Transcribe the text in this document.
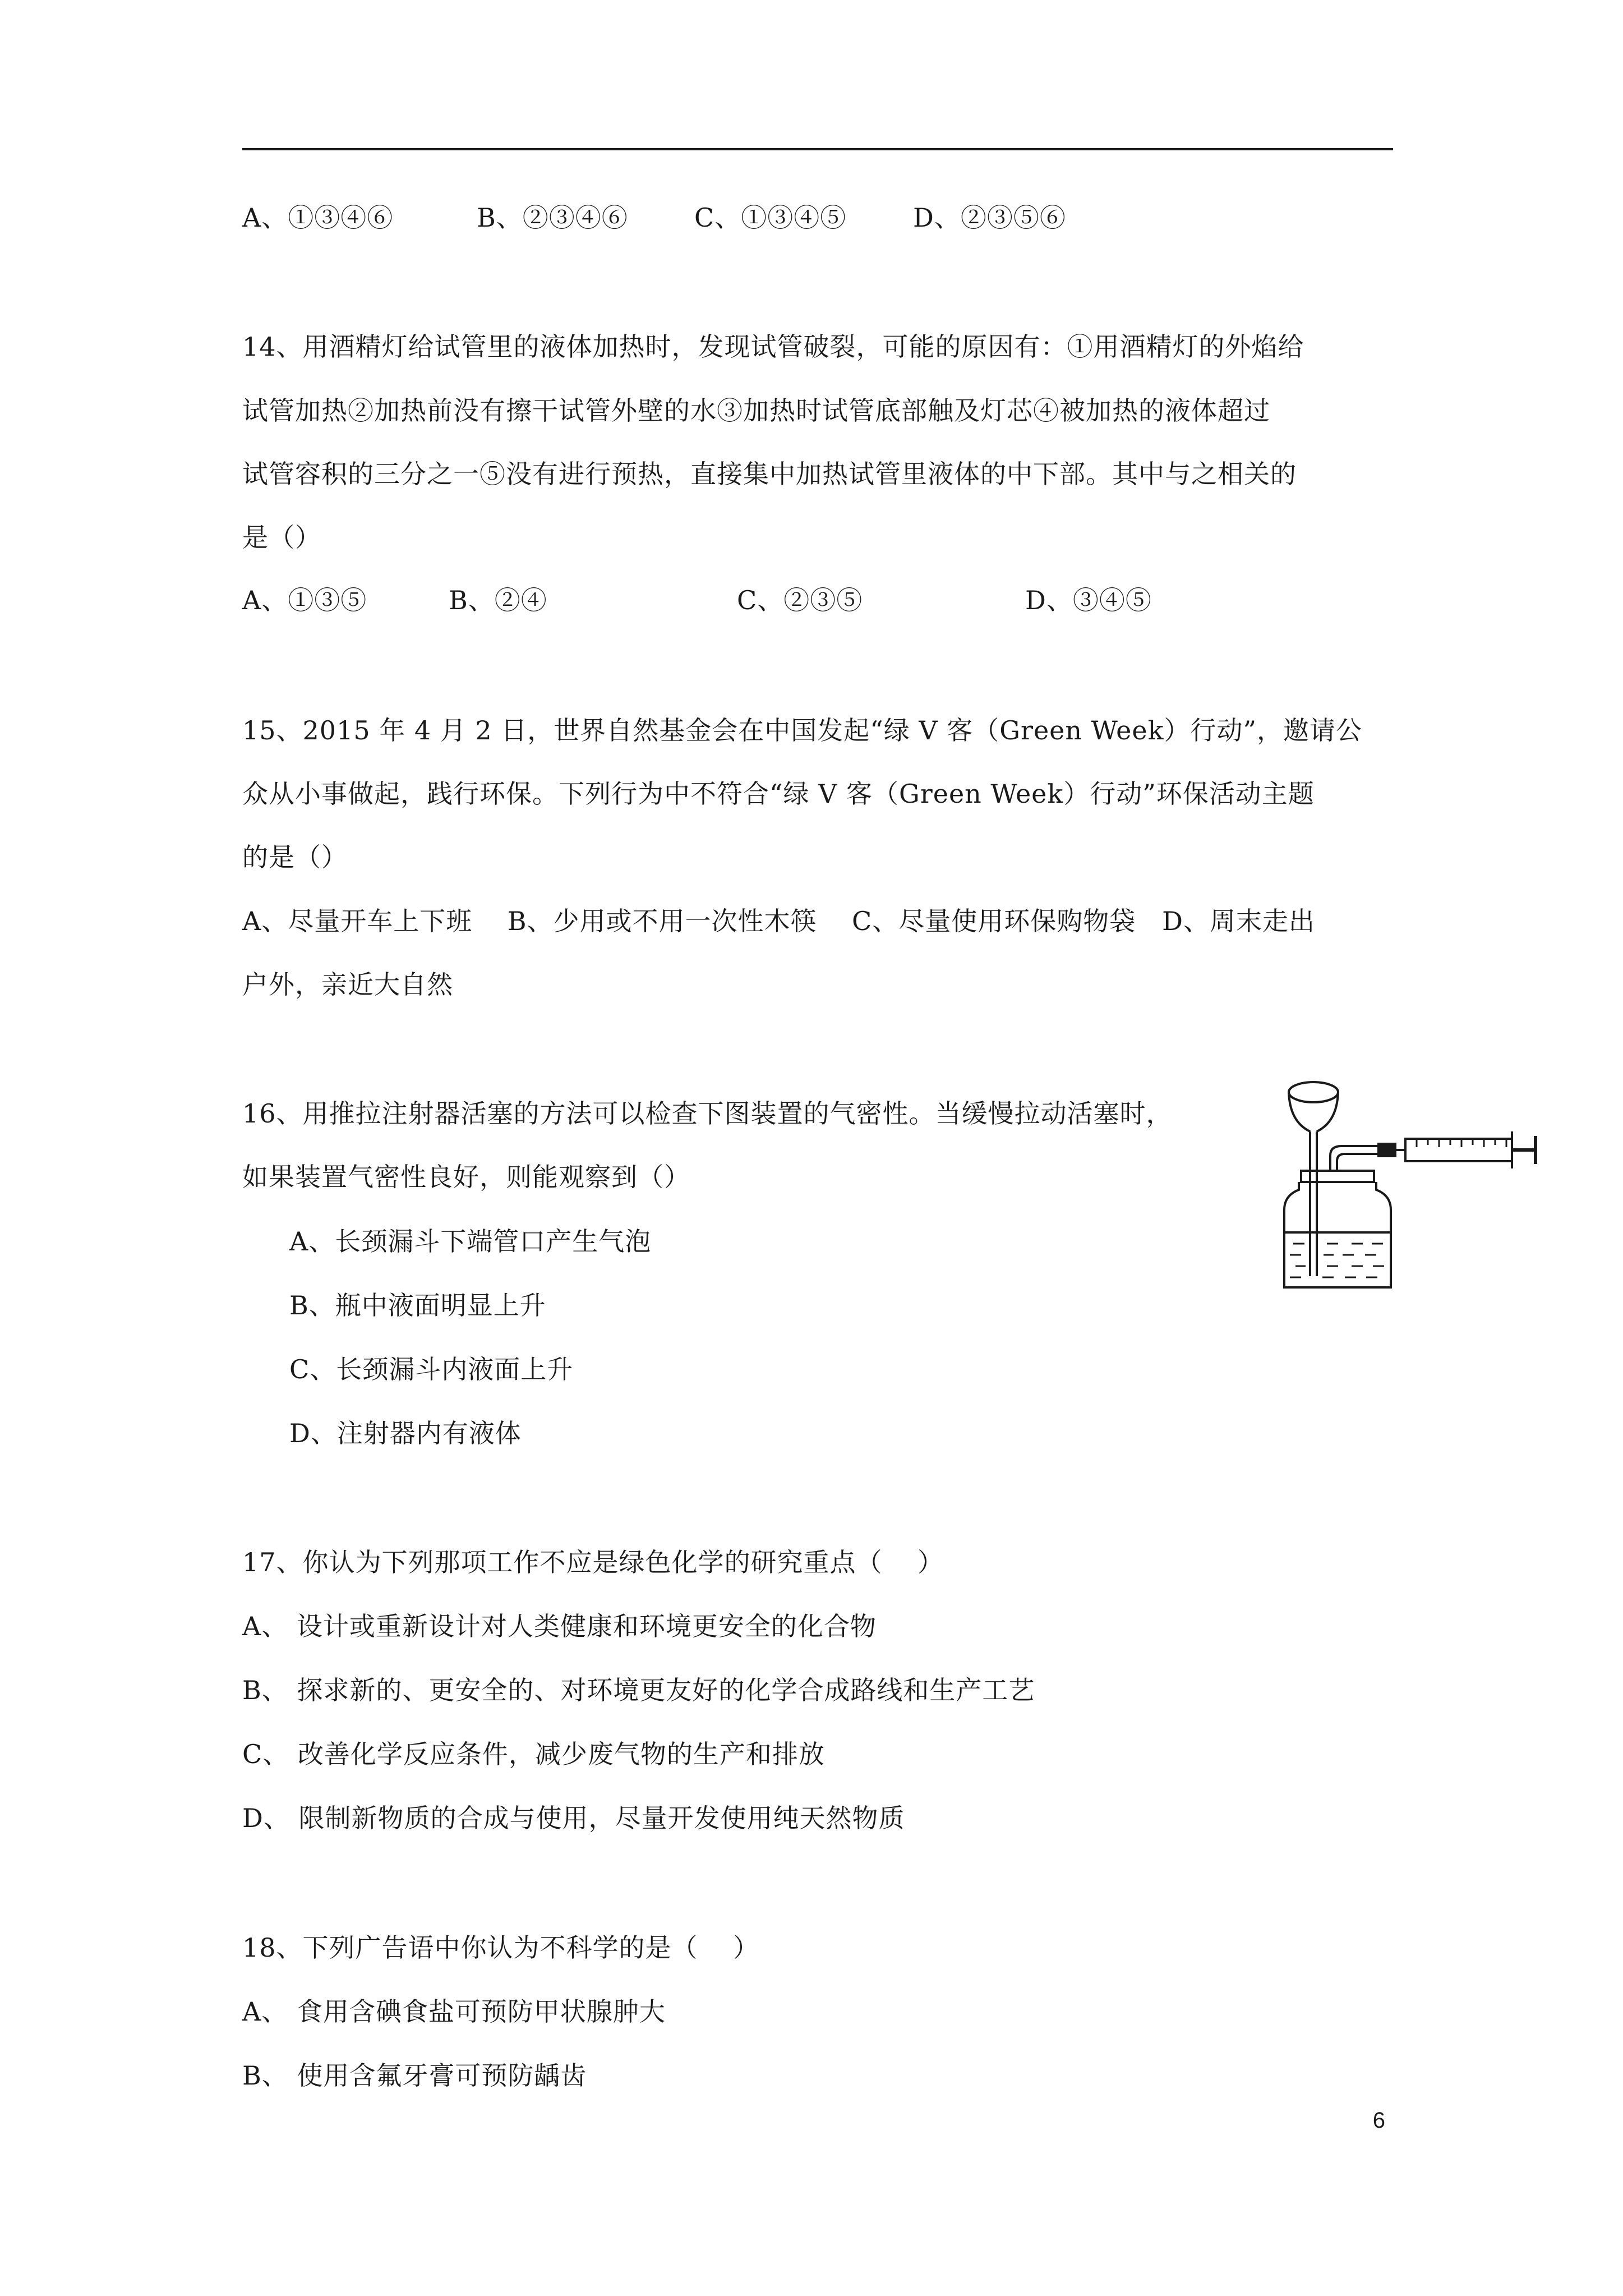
A、①③④⑥	B、②③④⑥	C、①③④⑤	D、②③⑤⑥
14、用酒精灯给试管里的液体加热时，发现试管破裂，可能的原因有：①用酒精灯的外焰给
试管加热②加热前没有擦干试管外壁的水③加热时试管底部触及灯芯④被加热的液体超过
试管容积的三分之一⑤没有进行预热，直接集中加热试管里液体的中下部。其中与之相关的
是（）
A、①③⑤	B、②④	C、②③⑤	D、③④⑤
15、2015 年 4 月 2 日，世界自然基金会在中国发起“绿 V 客（Green Week）行动”，邀请公
众从小事做起，践行环保。下列行为中不符合“绿 V 客（Green Week）行动”环保活动主题
的是（）
A、尽量开车上下班    B、少用或不用一次性木筷    C、尽量使用环保购物袋   D、周末走出
户外，亲近大自然
16、用推拉注射器活塞的方法可以检查下图装置的气密性。当缓慢拉动活塞时，
如果装置气密性良好，则能观察到（）
A、长颈漏斗下端管口产生气泡
B、瓶中液面明显上升
C、长颈漏斗内液面上升
D、注射器内有液体
17、你认为下列那项工作不应是绿色化学的研究重点（    ）
A、 设计或重新设计对人类健康和环境更安全的化合物
B、 探求新的、更安全的、对环境更友好的化学合成路线和生产工艺
C、 改善化学反应条件，减少废气物的生产和排放
D、 限制新物质的合成与使用，尽量开发使用纯天然物质
18、下列广告语中你认为不科学的是（    ）
A、 食用含碘食盐可预防甲状腺肿大
B、 使用含氟牙膏可预防龋齿
6
